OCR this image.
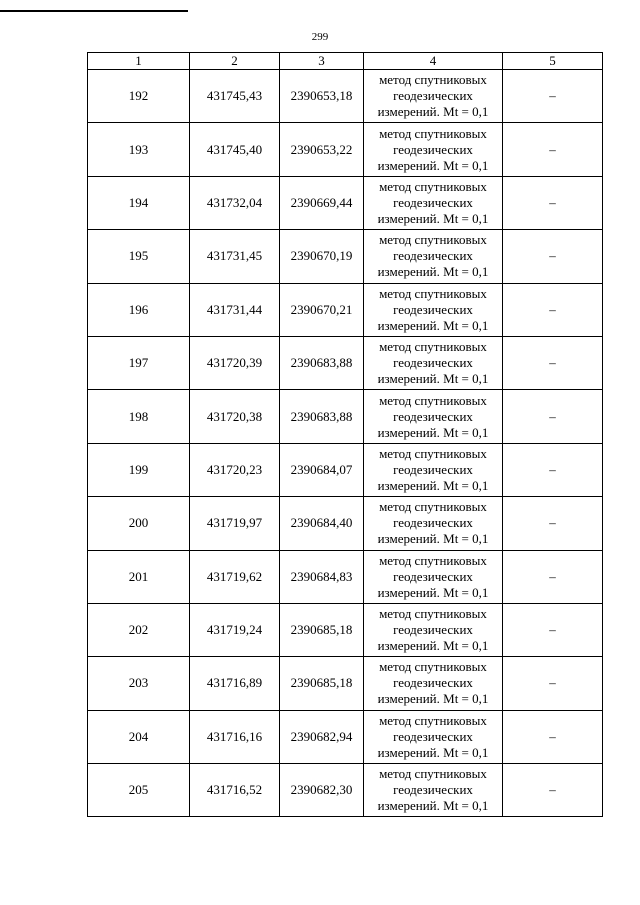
299
1	2	3	4	5
192	431745,43	2390653,18	метод спутниковых
геодезических
измерений. Mt = 0,1	–
193	431745,40	2390653,22	метод спутниковых
геодезических
измерений. Mt = 0,1	–
194	431732,04	2390669,44	метод спутниковых
геодезических
измерений. Mt = 0,1	–
195	431731,45	2390670,19	метод спутниковых
геодезических
измерений. Mt = 0,1	–
196	431731,44	2390670,21	метод спутниковых
геодезических
измерений. Mt = 0,1	–
197	431720,39	2390683,88	метод спутниковых
геодезических
измерений. Mt = 0,1	–
198	431720,38	2390683,88	метод спутниковых
геодезических
измерений. Mt = 0,1	–
199	431720,23	2390684,07	метод спутниковых
геодезических
измерений. Mt = 0,1	–
200	431719,97	2390684,40	метод спутниковых
геодезических
измерений. Mt = 0,1	–
201	431719,62	2390684,83	метод спутниковых
геодезических
измерений. Mt = 0,1	–
202	431719,24	2390685,18	метод спутниковых
геодезических
измерений. Mt = 0,1	–
203	431716,89	2390685,18	метод спутниковых
геодезических
измерений. Mt = 0,1	–
204	431716,16	2390682,94	метод спутниковых
геодезических
измерений. Mt = 0,1	–
205	431716,52	2390682,30	метод спутниковых
геодезических
измерений. Mt = 0,1	–
